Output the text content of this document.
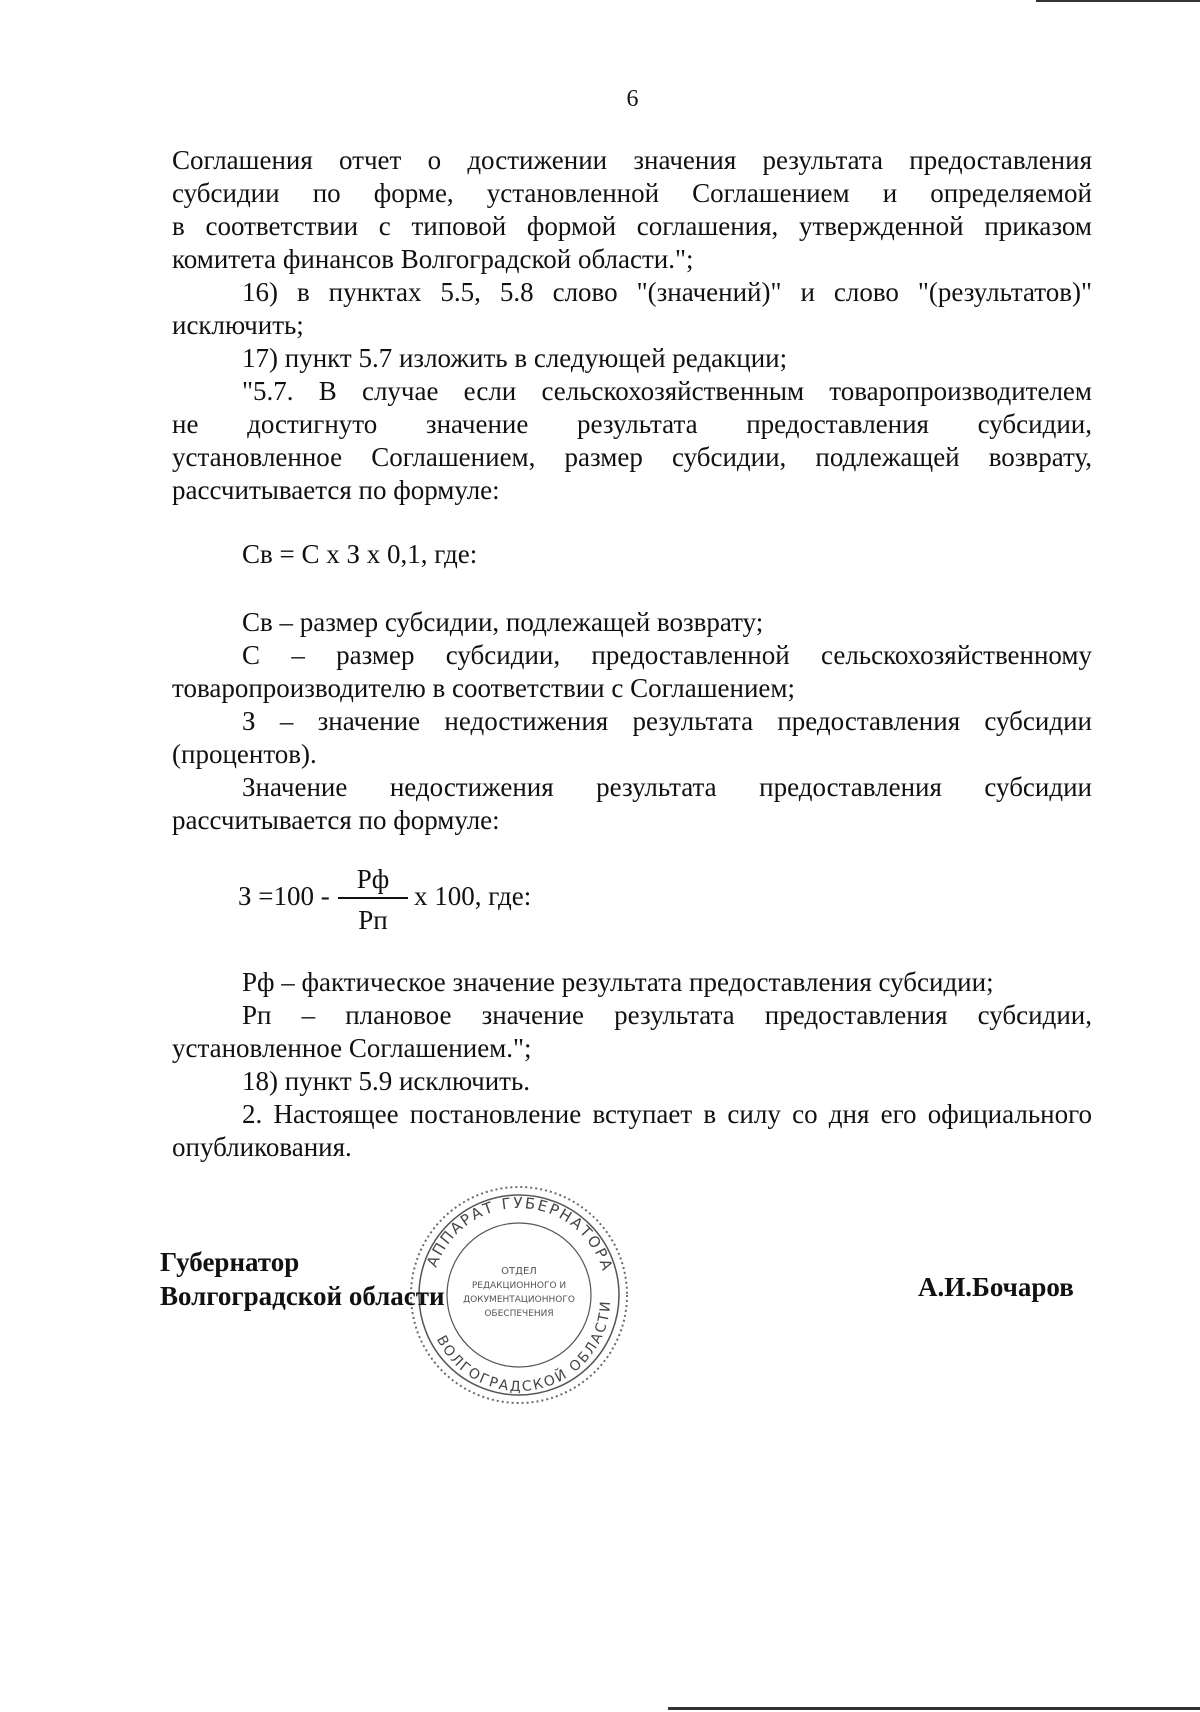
6
Соглашения отчет о достижении значения результата предоставления
субсидии по форме, установленной Соглашением и определяемой
в соответствии с типовой формой соглашения, утвержденной приказом
комитета финансов Волгоградской области.";
16) в пунктах 5.5, 5.8 слово "(значений)" и слово "(результатов)"
исключить;
17) пункт 5.7 изложить в следующей редакции;
"5.7. В случае если сельскохозяйственным товаропроизводителем
не достигнуто значение результата предоставления субсидии,
установленное Соглашением, размер субсидии, подлежащей возврату,
рассчитывается по формуле:
Св = С х З х 0,1, где:
Св – размер субсидии, подлежащей возврату;
С – размер субсидии, предоставленной сельскохозяйственному
товаропроизводителю в соответствии с Соглашением;
З – значение недостижения результата предоставления субсидии
(процентов).
Значение недостижения результата предоставления субсидии
рассчитывается по формуле:
З =100 -
Рф
Рп
х 100, где:
Рф – фактическое значение результата предоставления субсидии;
Рп – плановое значение результата предоставления субсидии,
установленное Соглашением.";
18) пункт 5.9 исключить.
2. Настоящее постановление вступает в силу со дня его официального
опубликования.
АППАРАТ ГУБЕРНАТОРА
ВОЛГОГРАДСКОЙ ОБЛАСТИ
ОТДЕЛ
РЕДАКЦИОННОГО И
ДОКУМЕНТАЦИОННОГО
ОБЕСПЕЧЕНИЯ
Губернатор
Волгоградской области	А.И.Бочаров
